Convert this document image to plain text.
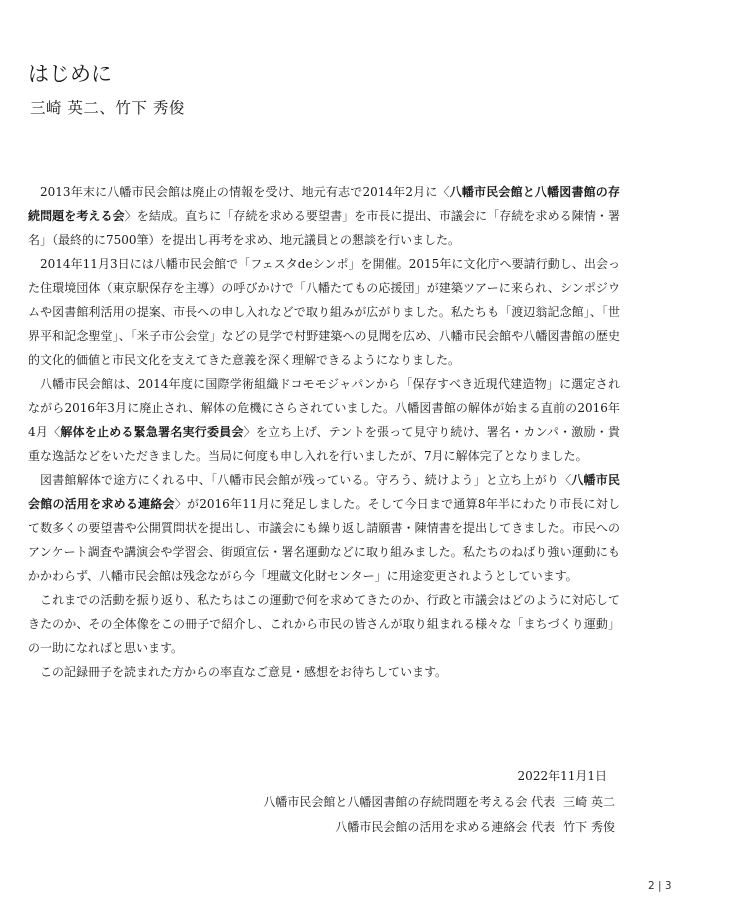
はじめに
三崎 英二、竹下 秀俊

2013年末に八幡市民会館は廃止の情報を受け、地元有志で2014年2月に〈八幡市民会館と八幡図書館の存続問題を考える会〉を結成。直ちに「存続を求める要望書」を市長に提出、市議会に「存続を求める陳情・署名」（最終的に7500筆）を提出し再考を求め、地元議員との懇談を行いました。

2014年11月3日には八幡市民会館で「フェスタdeシンポ」を開催。2015年に文化庁へ要請行動し、出会った住環境団体（東京駅保存を主導）の呼びかけで「八幡たてもの応援団」が建築ツアーに来られ、シンポジウムや図書館利活用の提案、市長への申し入れなどで取り組みが広がりました。私たちも「渡辺翁記念館」、「世界平和記念聖堂」、「米子市公会堂」などの見学で村野建築への見聞を広め、八幡市民会館や八幡図書館の歴史的文化的価値と市民文化を支えてきた意義を深く理解できるようになりました。

八幡市民会館は、2014年度に国際学術組織ドコモモジャパンから「保存すべき近現代建造物」に選定されながら2016年3月に廃止され、解体の危機にさらされていました。八幡図書館の解体が始まる直前の2016年4月〈解体を止める緊急署名実行委員会〉を立ち上げ、テントを張って見守り続け、署名・カンパ・激励・貴重な逸話などをいただきました。当局に何度も申し入れを行いましたが、7月に解体完了となりました。

図書館解体で途方にくれる中、「八幡市民会館が残っている。守ろう、続けよう」と立ち上がり〈八幡市民会館の活用を求める連絡会〉が2016年11月に発足しました。そして今日まで通算8年半にわたり市長に対して数多くの要望書や公開質問状を提出し、市議会にも繰り返し請願書・陳情書を提出してきました。市民へのアンケート調査や講演会や学習会、街頭宣伝・署名運動などに取り組みました。私たちのねばり強い運動にもかかわらず、八幡市民会館は残念ながら今「埋蔵文化財センター」に用途変更されようとしています。

これまでの活動を振り返り、私たちはこの運動で何を求めてきたのか、行政と市議会はどのように対応してきたのか、その全体像をこの冊子で紹介し、これから市民の皆さんが取り組まれる様々な「まちづくり運動」の一助になればと思います。

この記録冊子を読まれた方からの率直なご意見・感想をお待ちしています。

2022年11月1日
八幡市民会館と八幡図書館の存続問題を考える会 代表 三崎 英二
八幡市民会館の活用を求める連絡会 代表 竹下 秀俊
2 | 3
